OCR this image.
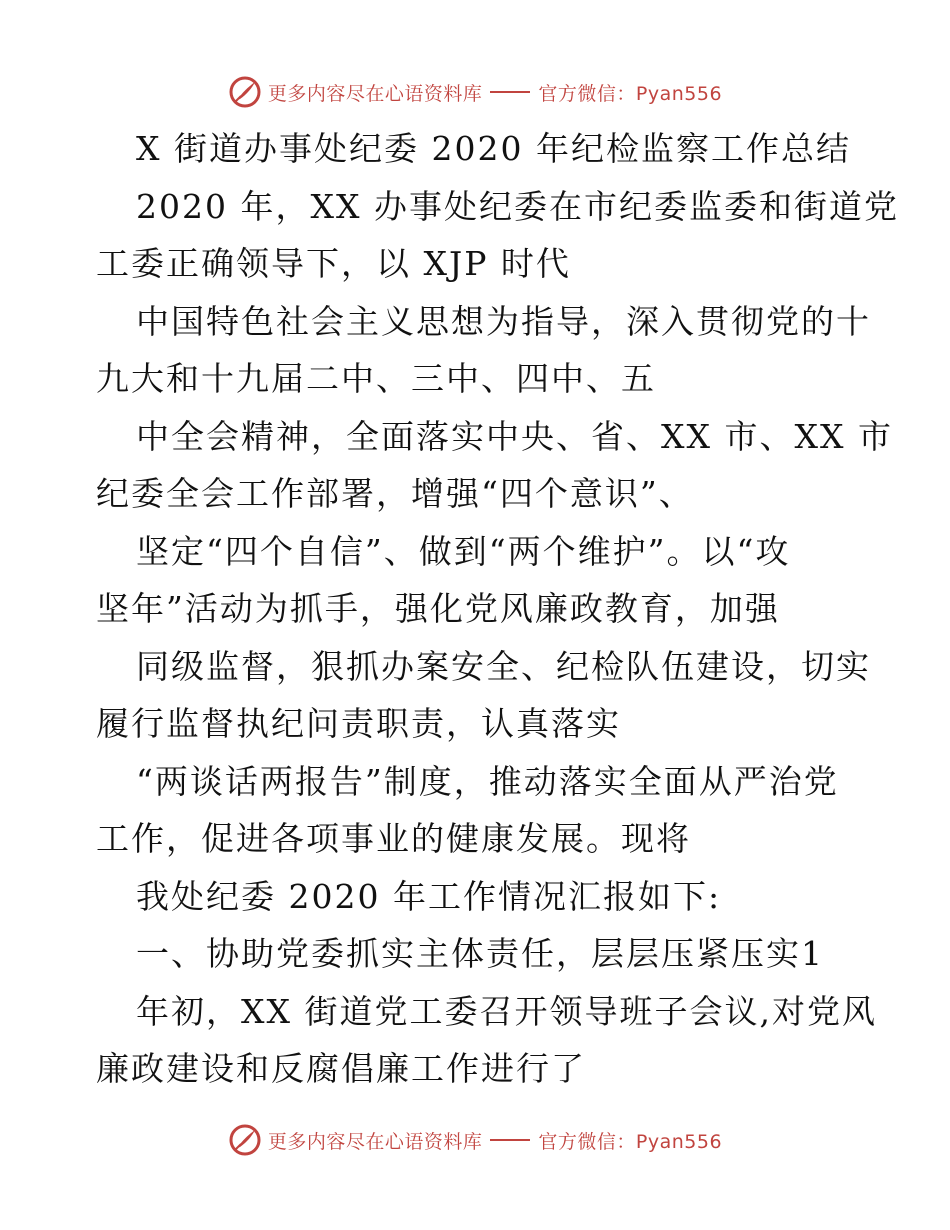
更多内容尽在心语资料库	官方微信：Pyan556
X 街道办事处纪委 2020 年纪检监察工作总结
2020 年，XX 办事处纪委在市纪委监委和街道党
工委正确领导下，以 XJP 时代
中国特色社会主义思想为指导，深入贯彻党的十
九大和十九届二中、三中、四中、五
中全会精神，全面落实中央、省、XX 市、XX 市
纪委全会工作部署，增强“四个意识”、
坚定“四个自信”、做到“两个维护”。以“攻
坚年”活动为抓手，强化党风廉政教育，加强
同级监督，狠抓办案安全、纪检队伍建设，切实
履行监督执纪问责职责，认真落实
“两谈话两报告”制度，推动落实全面从严治党
工作，促进各项事业的健康发展。现将
我处纪委 2020 年工作情况汇报如下:
一、协助党委抓实主体责任，层层压紧压实1
年初，XX 街道党工委召开领导班子会议,对党风
廉政建设和反腐倡廉工作进行了
更多内容尽在心语资料库	官方微信：Pyan556
